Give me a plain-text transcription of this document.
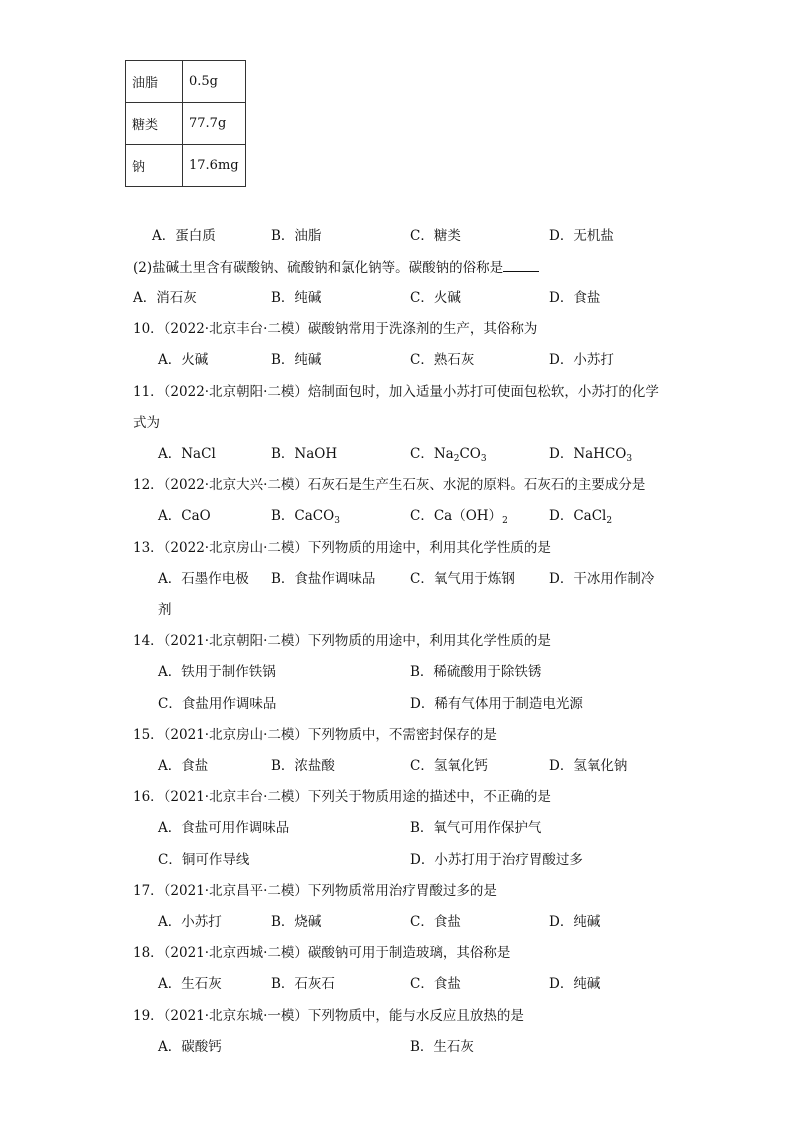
油脂	0.5g
糖类	77.7g
钠	17.6mg
A．蛋白质	B．油脂	C．糖类	D．无机盐
(2)盐碱土里含有碳酸钠、硫酸钠和氯化钠等。碳酸钠的俗称是
A．消石灰	B．纯碱	C．火碱	D．食盐
10．（2022·北京丰台·二模）碳酸钠常用于洗涤剂的生产，其俗称为
A．火碱	B．纯碱	C．熟石灰	D．小苏打
11．（2022·北京朝阳·二模）焙制面包时，加入适量小苏打可使面包松软，小苏打的化学
式为
A．NaCl	B．NaOH	C．$Na_2CO_3$	D．NaHCO$_3$
12．（2022·北京大兴·二模）石灰石是生产生石灰、水泥的原料。石灰石的主要成分是
A．CaO	B．CaCO$_3$	C．$Ca(OH)_2$	D．CaCl$_2$
13．（2022·北京房山·二模）下列物质的用途中，利用其化学性质的是
A．石墨作电极 B．食盐作调味品	C．氧气用于炼钢	D．干冰用作制冷
剂
14．（2021·北京朝阳·二模）下列物质的用途中，利用其化学性质的是
A．铁用于制作铁锅	B．稀硫酸用于除铁锈
C．食盐用作调味品	D．稀有气体用于制造电光源
15．（2021·北京房山·二模）下列物质中，不需密封保存的是
A．食盐	B．浓盐酸	C．氢氧化钙	D．氢氧化钠
16．（2021·北京丰台·二模）下列关于物质用途的描述中，不正确的是
A．食盐可用作调味品	B．氧气可用作保护气
C．铜可作导线	D．小苏打用于治疗胃酸过多
17．（2021·北京昌平·二模）下列物质常用治疗胃酸过多的是
A．小苏打	B．烧碱	C．食盐	D．纯碱
18．（2021·北京西城·二模）碳酸钠可用于制造玻璃，其俗称是
A．生石灰	B．石灰石	C．食盐	D．纯碱
19．（2021·北京东城·一模）下列物质中，能与水反应且放热的是
A．碳酸钙	B．生石灰
